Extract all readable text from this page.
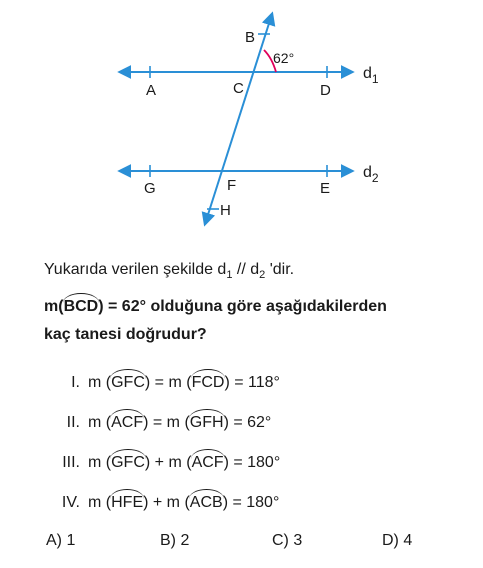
A
B
62°
C	D
$d_1$
G	F	E
$d_2$
H
Yukarıda verilen şekilde $d_1 // d_2$ 'dir.
m(BCD) = 62° olduğuna göre aşağıdakilerden
kaç tanesi doğrudur?
I. m (GFC) = m (FCD) = 118°
II. m (ACF) = m (GFH) = 62°
III. m (GFC) + m (ACF) = 180°
IV. m (HFE) + m (ACB) = 180°
A) 1	B) 2	C) 3	D) 4
